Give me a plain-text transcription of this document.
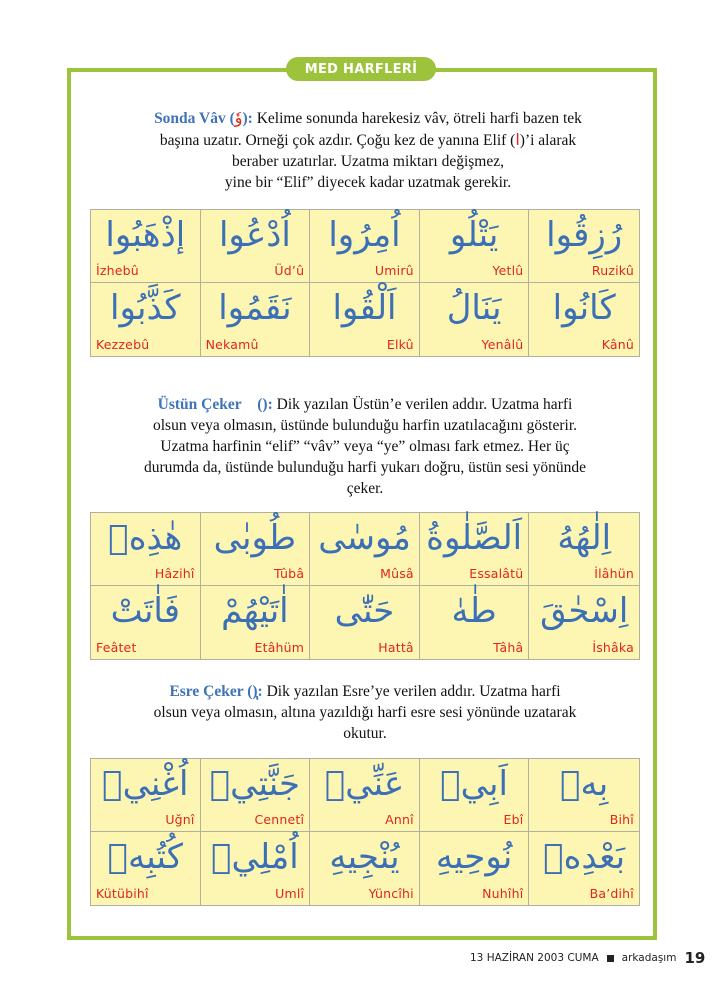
MED HARFLERİ
Sonda Vâv (وٗ): Kelime sonunda harekesiz vâv, ötreli harfi bazen tek
başına uzatır. Orneği çok azdır. Çoğu kez de yanına Elif (ا)’i alarak
beraber uzatırlar. Uzatma miktarı değişmez,
yine bir “Elif” diyecek kadar uzatmak gerekir.
إذْهَبُوا
İzhebû
اُدْعُوا
Üd’û
اُمِرُوا
Umirû
يَتْلُو
Yetlû
رُزِقُوا
Ruzikû
كَذَّبُوا
Kezzebû
نَقَمُوا
Nekamû
اَلْقُوا
Elkû
يَنَالُ
Yenâlû
كَانُوا
Kânû
Üstün Çeker (ٰ): Dik yazılan Üstün’e verilen addır. Uzatma harfi
olsun veya olmasın, üstünde bulunduğu harfin uzatılacağını gösterir.
Uzatma harfinin “elif” “vâv” veya “ye” olması fark etmez. Her üç
durumda da, üstünde bulunduğu harfi yukarı doğru, üstün sesi yönünde
çeker.
هٰذِهٖ
Hâzihî
طُوبٰى
Tûbâ
مُوسٰى
Mûsâ
اَلصَّلٰوةُ
Essalâtü
اِلٰهُهُ
İlâhün
فَاٰتَتْ
Feâtet
اٰتَيْهُمْ
Etâhüm
حَتّٰى
Hattâ
طٰهٰ
Tâhâ
اِسْحٰقَ
İshâka
Esre Çeker (ٖ): Dik yazılan Esre’ye verilen addır. Uzatma harfi
olsun veya olmasın, altına yazıldığı harfi esre sesi yönünde uzatarak
okutur.
اُغْنِيٖ
Uğnî
جَنَّتِيٖ
Cennetî
عَنِّيٖ
Annî
اَبِيٖ
Ebî
بِهٖ
Bihî
كُتُبِهٖ
Kütübihî
اُمْلِيٖ
Umlî
يُنْجِيهِ
Yüncîhi
نُوحِيهِ
Nuhîhî
بَعْدِهٖ
Ba’dihî
13 HAZİRAN 2003 CUMA arkadaşım 19
